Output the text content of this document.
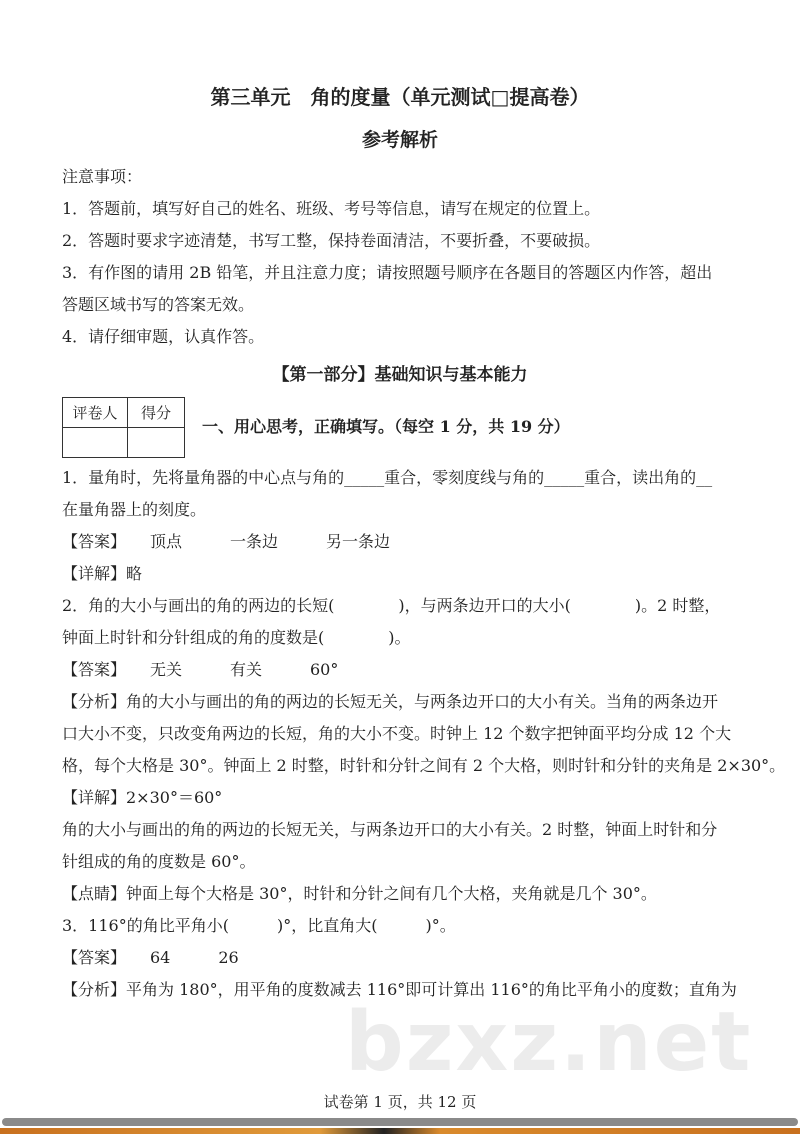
第三单元　角的度量（单元测试□提高卷）
参考解析
注意事项：
1．答题前，填写好自己的姓名、班级、考号等信息，请写在规定的位置上。
2．答题时要求字迹清楚，书写工整，保持卷面清洁，不要折叠，不要破损。
3．有作图的请用 2B 铅笔，并且注意力度；请按照题号顺序在各题目的答题区内作答，超出
答题区域书写的答案无效。
4．请仔细审题，认真作答。
【第一部分】基础知识与基本能力
评卷人	得分

一、用心思考，正确填写。（每空 1 分，共 19 分）
1．量角时，先将量角器的中心点与角的_____重合，零刻度线与角的_____重合，读出角的__
在量角器上的刻度。
【答案】　　顶点　　　一条边　　　另一条边
【详解】略
2．角的大小与画出的角的两边的长短(　　　　)，与两条边开口的大小(　　　　)。2 时整，
钟面上时针和分针组成的角的度数是(　　　　)。
【答案】　　无关　　　有关　　　60°
【分析】角的大小与画出的角的两边的长短无关，与两条边开口的大小有关。当角的两条边开
口大小不变，只改变角两边的长短，角的大小不变。时钟上 12 个数字把钟面平均分成 12 个大
格，每个大格是 30°。钟面上 2 时整，时针和分针之间有 2 个大格，则时针和分针的夹角是 2×30°。
【详解】2×30°＝60°
角的大小与画出的角的两边的长短无关，与两条边开口的大小有关。2 时整，钟面上时针和分
针组成的角的度数是 60°。
【点睛】钟面上每个大格是 30°，时针和分针之间有几个大格，夹角就是几个 30°。
3．116°的角比平角小(　　　)°，比直角大(　　　)°。
【答案】　　64　　　26
【分析】平角为 180°，用平角的度数减去 116°即可计算出 116°的角比平角小的度数；直角为
bzxz.net
试卷第 1 页，共 12 页
